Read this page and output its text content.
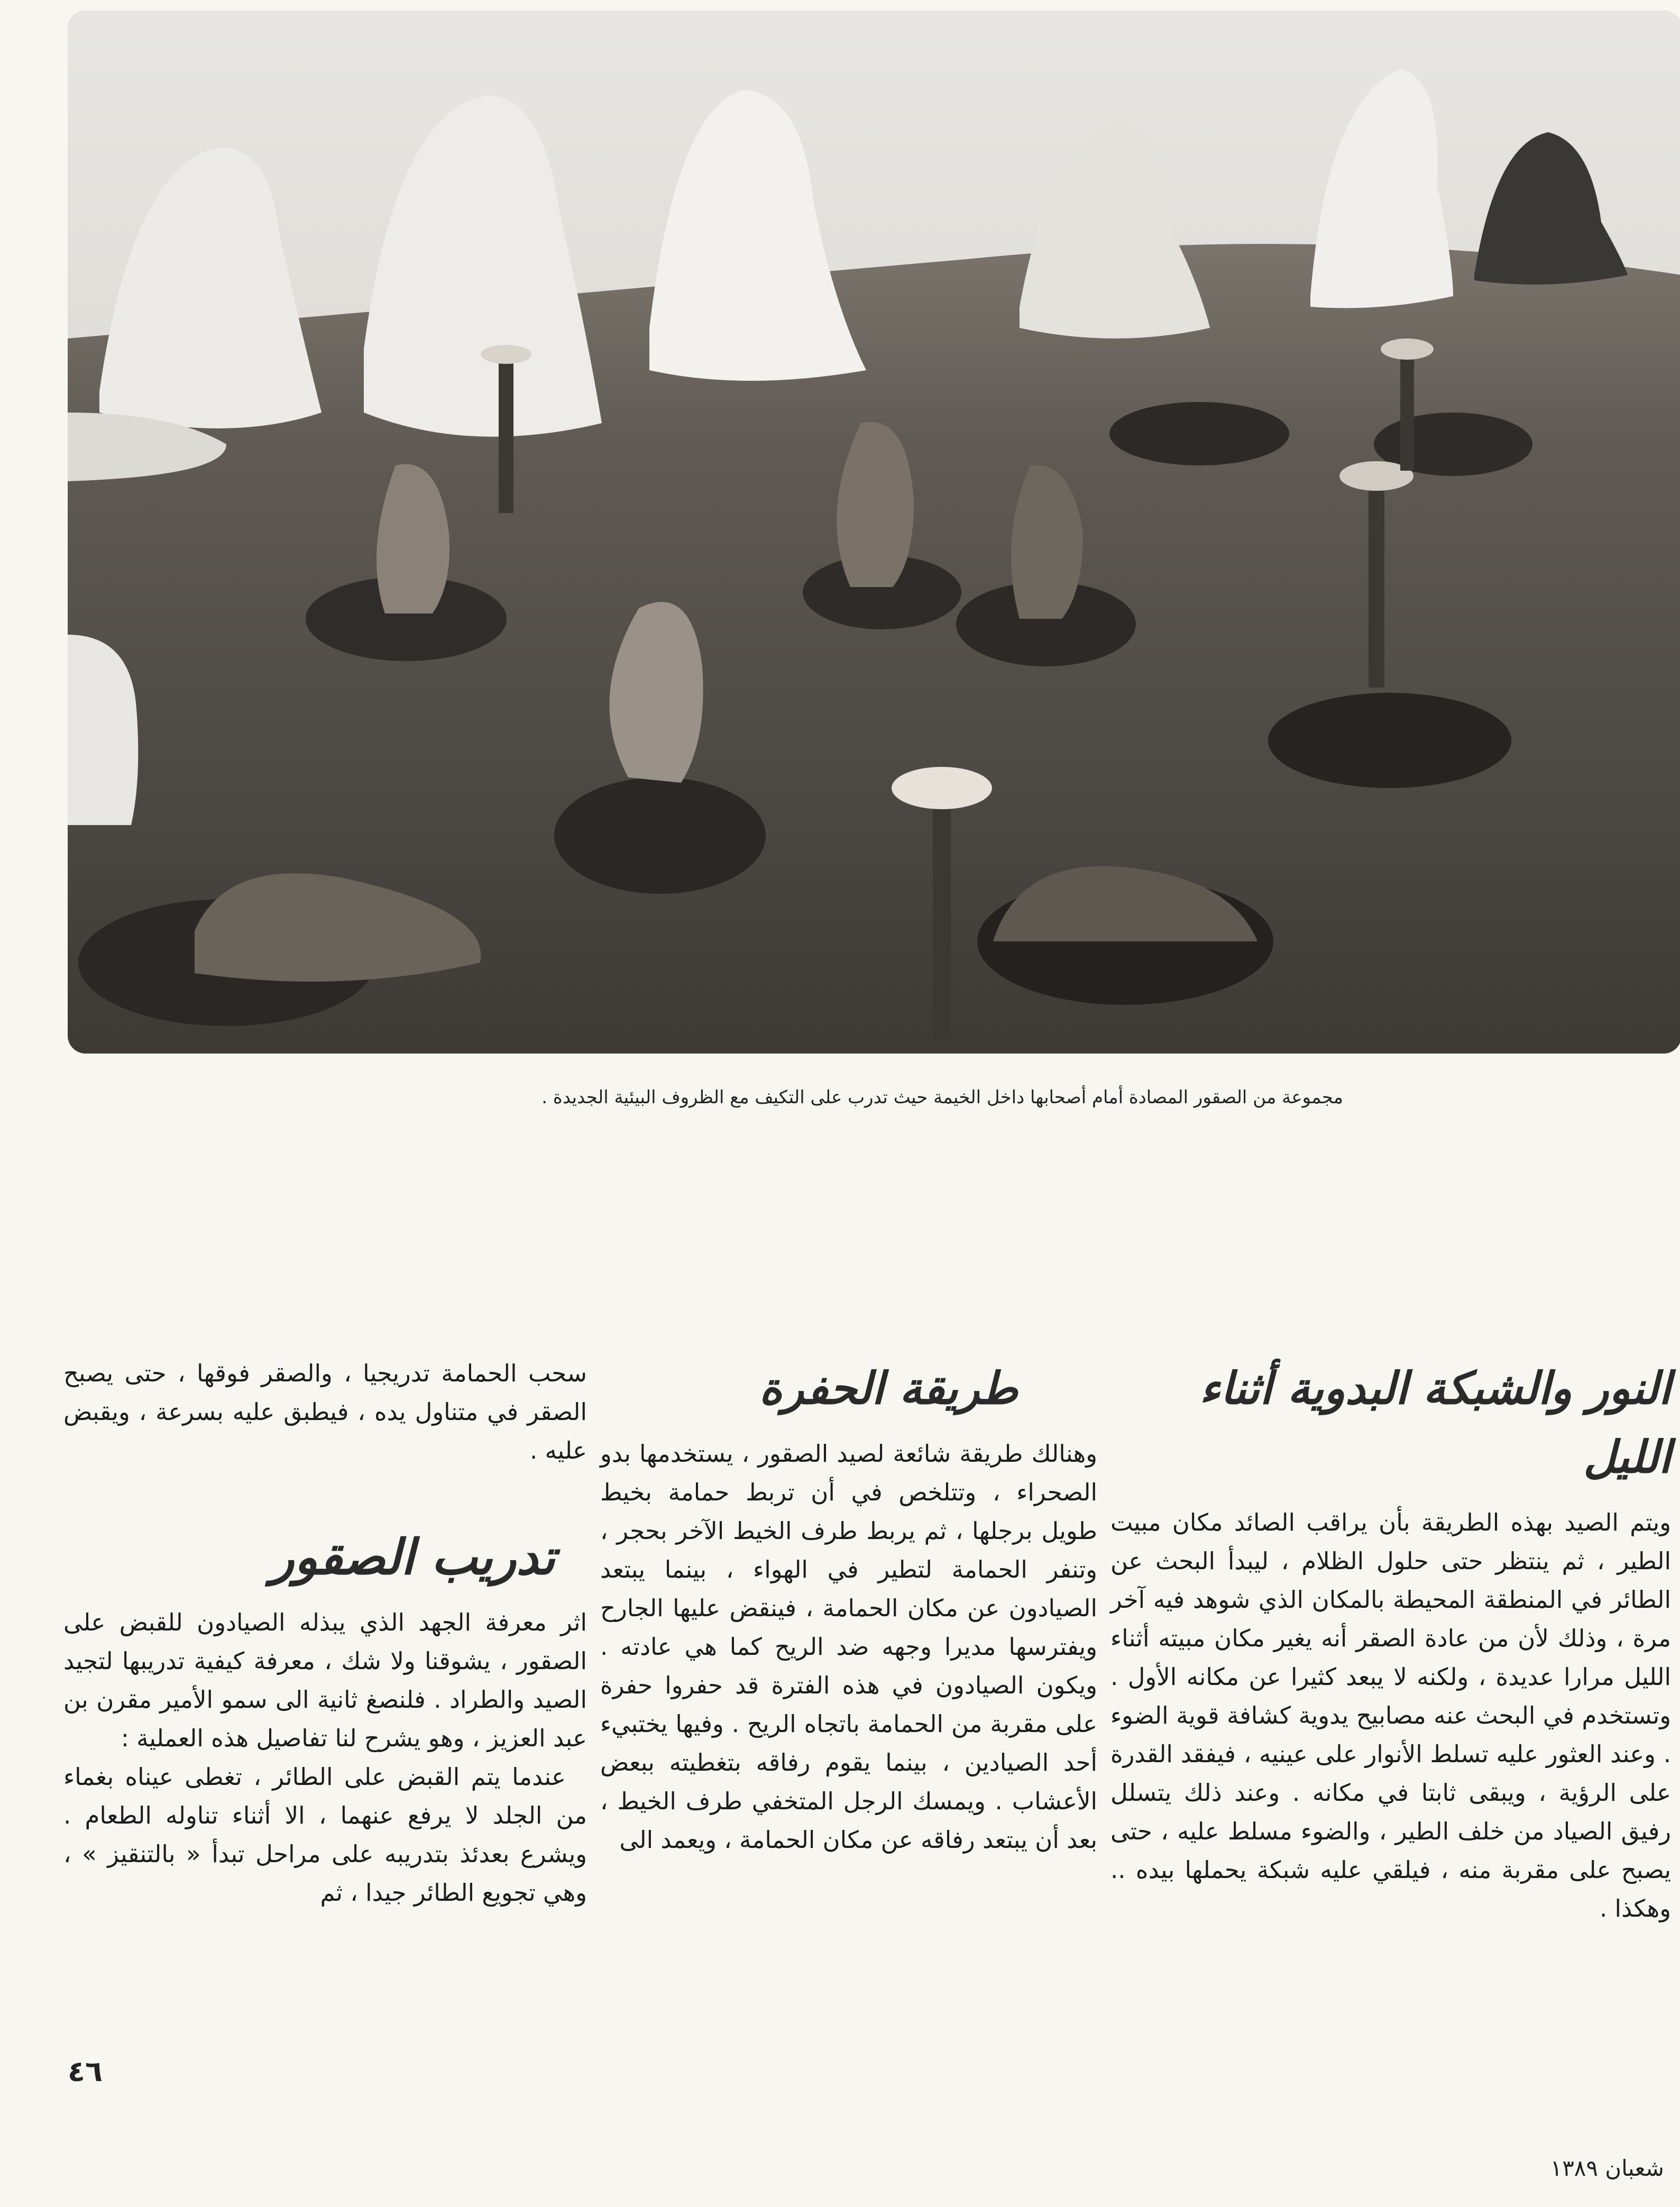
مجموعة من الصقور المصادة أمام أصحابها داخل الخيمة حيث تدرب على التكيف مع الظروف البيئية الجديدة .
النور والشبكة البدوية أثناء الليل

ويتم الصيد بهذه الطريقة بأن يراقب الصائد مكان مبيت الطير ، ثم ينتظر حتى حلول الظلام ، ليبدأ البحث عن الطائر في المنطقة المحيطة بالمكان الذي شوهد فيه آخر مرة ، وذلك لأن من عادة الصقر أنه يغير مكان مبيته أثناء الليل مرارا عديدة ، ولكنه لا يبعد كثيرا عن مكانه الأول . وتستخدم في البحث عنه مصابيح يدوية كشافة قوية الضوء . وعند العثور عليه تسلط الأنوار على عينيه ، فيفقد القدرة على الرؤية ، ويبقى ثابتا في مكانه . وعند ذلك يتسلل رفيق الصياد من خلف الطير ، والضوء مسلط عليه ، حتى يصبح على مقربة منه ، فيلقي عليه شبكة يحملها بيده .. وهكذا .

طريقة الحفرة

وهنالك طريقة شائعة لصيد الصقور ، يستخدمها بدو الصحراء ، وتتلخص في أن تربط حمامة بخيط طويل برجلها ، ثم يربط طرف الخيط الآخر بحجر ، وتنفر الحمامة لتطير في الهواء ، بينما يبتعد الصيادون عن مكان الحمامة ، فينقض عليها الجارح ويفترسها مديرا وجهه ضد الريح كما هي عادته . ويكون الصيادون في هذه الفترة قد حفروا حفرة على مقربة من الحمامة باتجاه الريح . وفيها يختبيء أحد الصيادين ، بينما يقوم رفاقه بتغطيته ببعض الأعشاب . ويمسك الرجل المتخفي طرف الخيط ، بعد أن يبتعد رفاقه عن مكان الحمامة ، ويعمد الى

سحب الحمامة تدريجيا ، والصقر فوقها ، حتى يصبح الصقر في متناول يده ، فيطبق عليه بسرعة ، ويقبض عليه .

تدريب الصقور

اثر معرفة الجهد الذي يبذله الصيادون للقبض على الصقور ، يشوقنا ولا شك ، معرفة كيفية تدريبها لتجيد الصيد والطراد . فلنصغ ثانية الى سمو الأمير مقرن بن عبد العزيز ، وهو يشرح لنا تفاصيل هذه العملية :

عندما يتم القبض على الطائر ، تغطى عيناه بغماء من الجلد لا يرفع عنهما ، الا أثناء تناوله الطعام . ويشرع بعدئذ بتدريبه على مراحل تبدأ « بالتنقيز » ، وهي تجويع الطائر جيدا ، ثم

٤٦
شعبان ١٣٨٩
